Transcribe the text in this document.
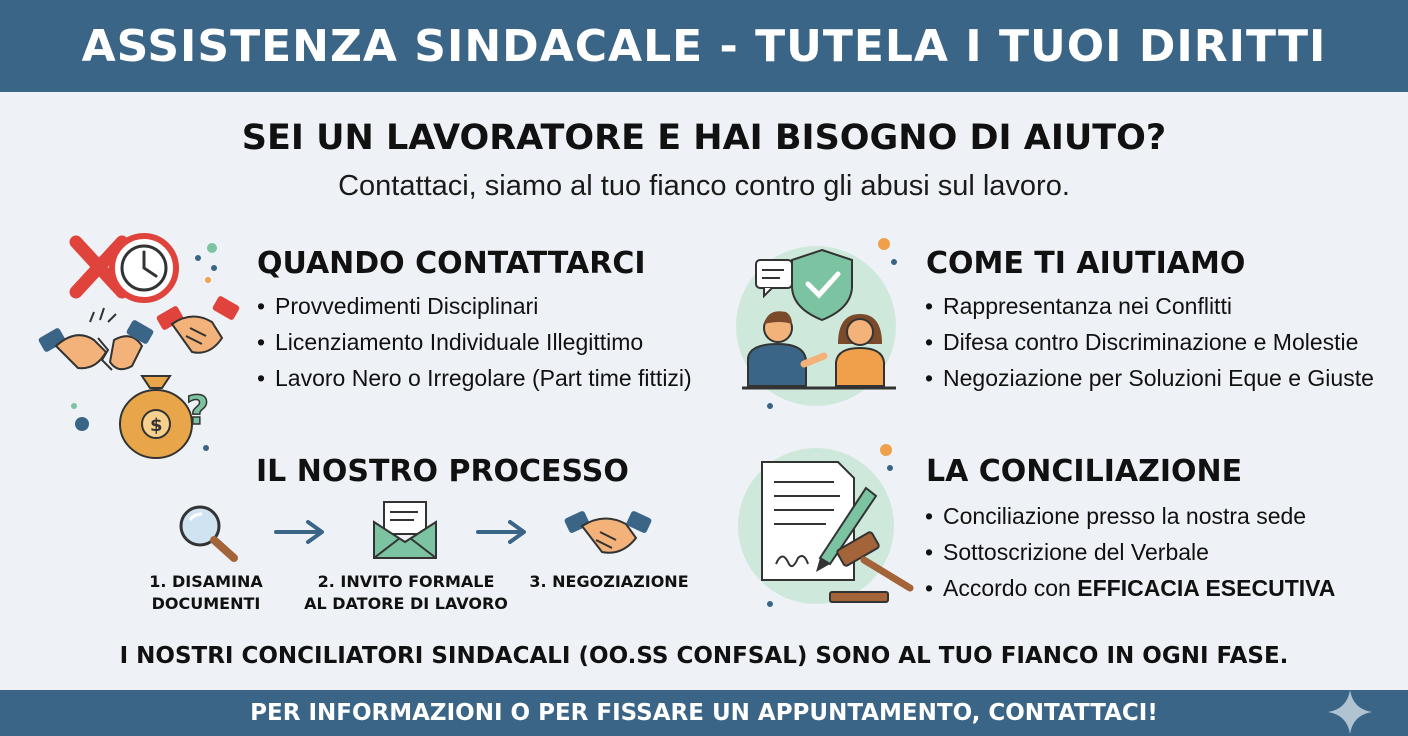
ASSISTENZA SINDACALE - TUTELA I TUOI DIRITTI
SEI UN LAVORATORE E HAI BISOGNO DI AIUTO?
Contattaci, siamo al tuo fianco contro gli abusi sul lavoro.
$ ?
QUANDO CONTATTARCI
• Provvedimenti Disciplinari
• Licenziamento Individuale Illegittimo
• Lavoro Nero o Irregolare (Part time fittizi)
COME TI AIUTIAMO
• Rappresentanza nei Conflitti
• Difesa contro Discriminazione e Molestie
• Negoziazione per Soluzioni Eque e Giuste
IL NOSTRO PROCESSO
1. DISAMINA
DOCUMENTI
2. INVITO FORMALE
AL DATORE DI LAVORO
3. NEGOZIAZIONE
LA CONCILIAZIONE
• Conciliazione presso la nostra sede
• Sottoscrizione del Verbale
• Accordo con EFFICACIA ESECUTIVA
I NOSTRI CONCILIATORI SINDACALI (OO.SS CONFSAL) SONO AL TUO FIANCO IN OGNI FASE.
PER INFORMAZIONI O PER FISSARE UN APPUNTAMENTO, CONTATTACI!
